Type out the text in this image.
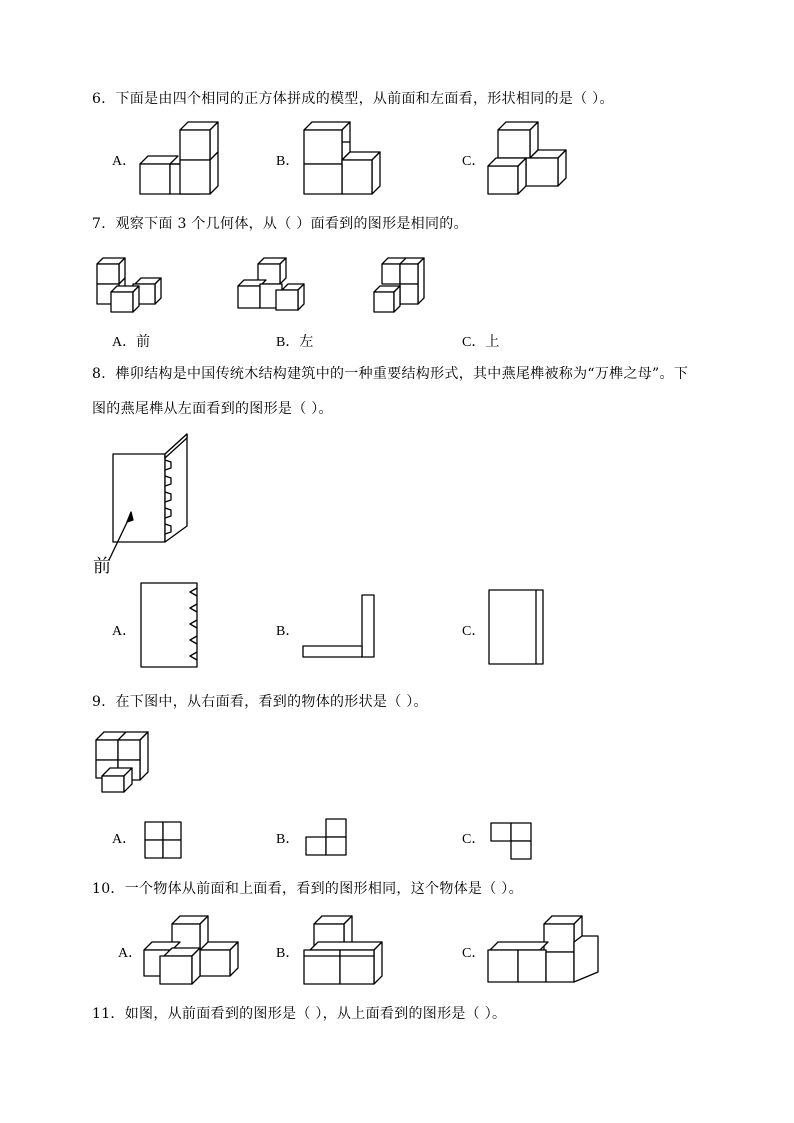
6．下面是由四个相同的正方体拼成的模型，从前面和左面看，形状相同的是（ ）。
A．	B．	C．
7．观察下面 3 个几何体，从（ ）面看到的图形是相同的。
A．前	B．左	C．上
8．榫卯结构是中国传统木结构建筑中的一种重要结构形式，其中燕尾榫被称为“万榫之母”。下
图的燕尾榫从左面看到的图形是（ ）。
前
A．	B．	C．
9．在下图中，从右面看，看到的物体的形状是（ ）。
A．	B．	C．
10．一个物体从前面和上面看，看到的图形相同，这个物体是（ ）。
A．	B．	C．
11．如图，从前面看到的图形是（ ），从上面看到的图形是（ ）。
